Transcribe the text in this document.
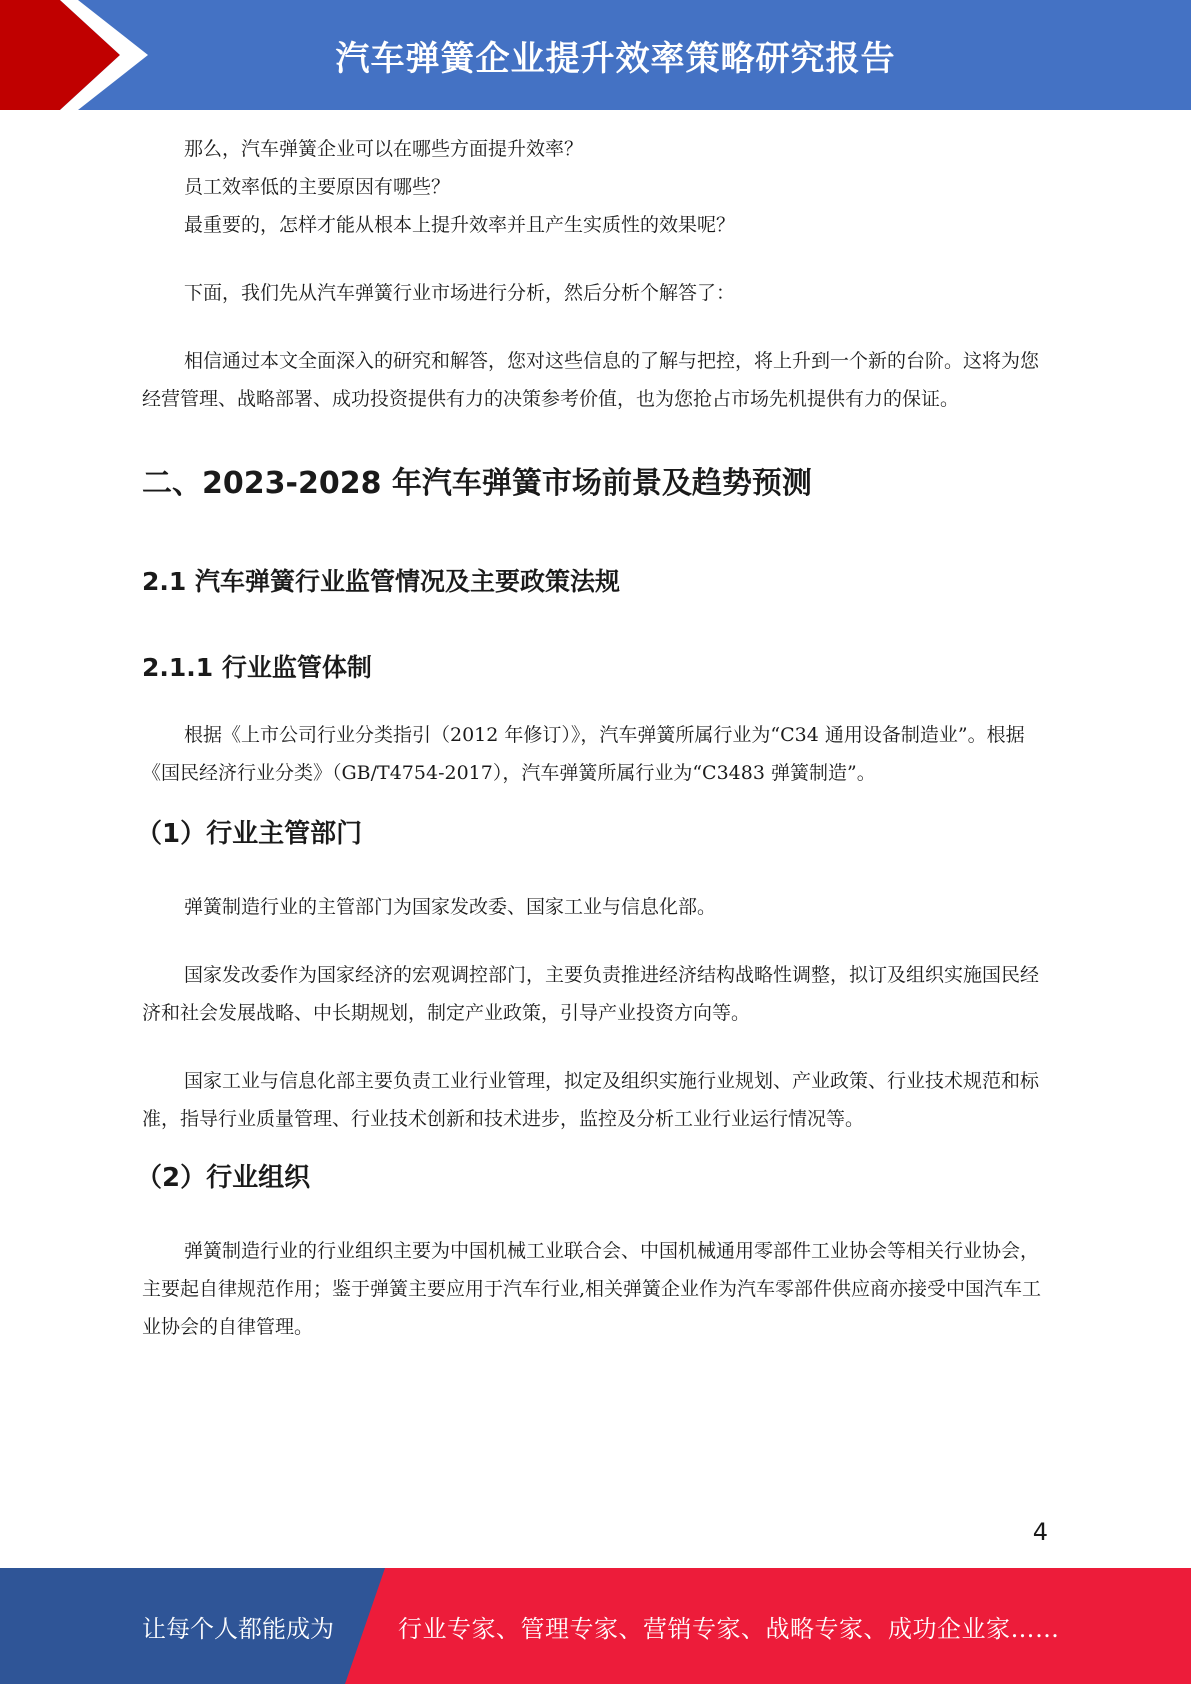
汽车弹簧企业提升效率策略研究报告

那么，汽车弹簧企业可以在哪些方面提升效率？

员工效率低的主要原因有哪些？

最重要的，怎样才能从根本上提升效率并且产生实质性的效果呢？

下面，我们先从汽车弹簧行业市场进行分析，然后分析个解答了：

相信通过本文全面深入的研究和解答，您对这些信息的了解与把控，将上升到一个新的台阶。这将为您经营管理、战略部署、成功投资提供有力的决策参考价值，也为您抢占市场先机提供有力的保证。

二、2023-2028 年汽车弹簧市场前景及趋势预测
2.1 汽车弹簧行业监管情况及主要政策法规
2.1.1 行业监管体制

根据《上市公司行业分类指引（2012 年修订）》，汽车弹簧所属行业为“C34 通用设备制造业”。根据《国民经济行业分类》（GB/T4754-2017），汽车弹簧所属行业为“C3483 弹簧制造”。

（1）行业主管部门

弹簧制造行业的主管部门为国家发改委、国家工业与信息化部。

国家发改委作为国家经济的宏观调控部门，主要负责推进经济结构战略性调整，拟订及组织实施国民经济和社会发展战略、中长期规划，制定产业政策，引导产业投资方向等。

国家工业与信息化部主要负责工业行业管理，拟定及组织实施行业规划、产业政策、行业技术规范和标准，指导行业质量管理、行业技术创新和技术进步，监控及分析工业行业运行情况等。

（2）行业组织

弹簧制造行业的行业组织主要为中国机械工业联合会、中国机械通用零部件工业协会等相关行业协会，主要起自律规范作用；鉴于弹簧主要应用于汽车行业,相关弹簧企业作为汽车零部件供应商亦接受中国汽车工业协会的自律管理。

4
让每个人都能成为	行业专家、管理专家、营销专家、战略专家、成功企业家……
